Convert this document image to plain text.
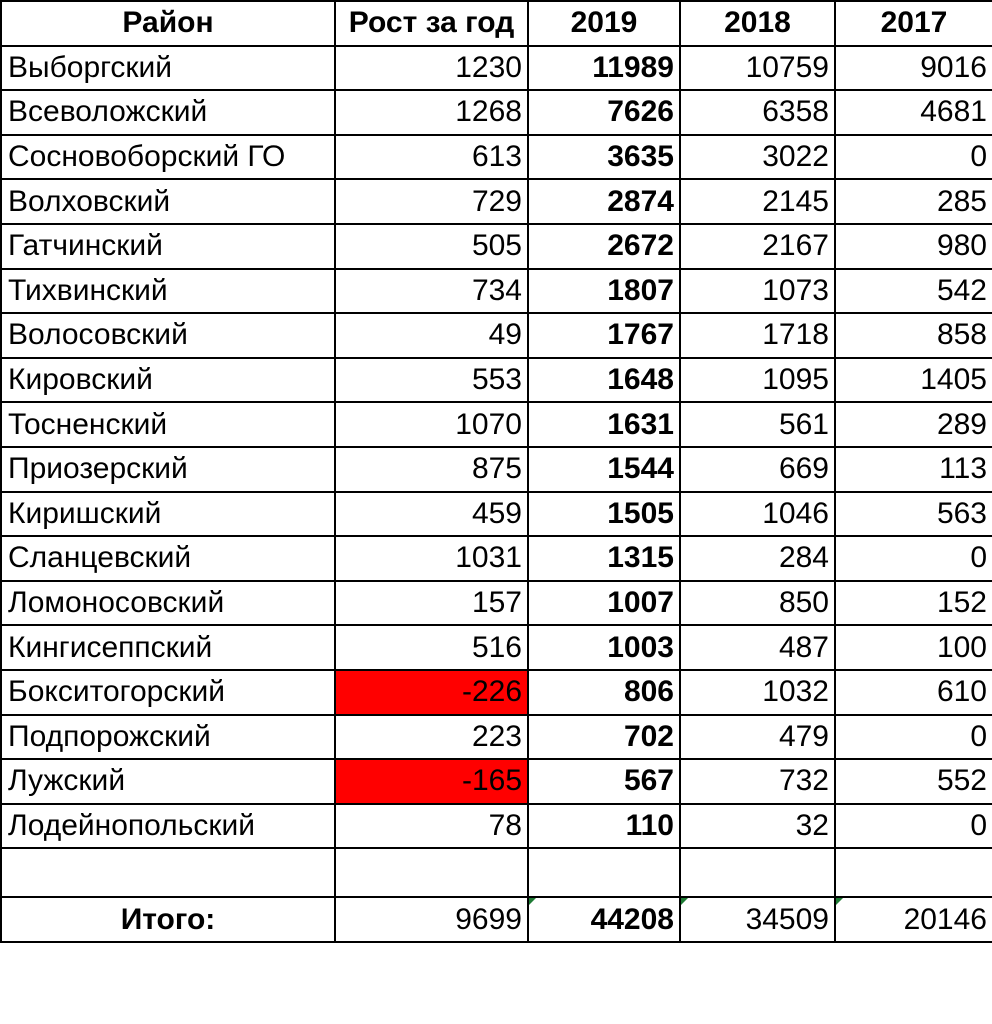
Район	Рост за год	2019	2018	2017
Выборгский	1230	11989	10759	9016
Всеволожский	1268	7626	6358	4681
Сосновоборский ГО	613	3635	3022	0
Волховский	729	2874	2145	285
Гатчинский	505	2672	2167	980
Тихвинский	734	1807	1073	542
Волосовский	49	1767	1718	858
Кировский	553	1648	1095	1405
Тосненский	1070	1631	561	289
Приозерский	875	1544	669	113
Киришский	459	1505	1046	563
Сланцевский	1031	1315	284	0
Ломоносовский	157	1007	850	152
Кингисеппский	516	1003	487	100
Бокситогорский	-226	806	1032	610
Подпорожский	223	702	479	0
Лужский	-165	567	732	552
Лодейнопольский	78	110	32	0

Итого:	9699	44208	34509	20146
